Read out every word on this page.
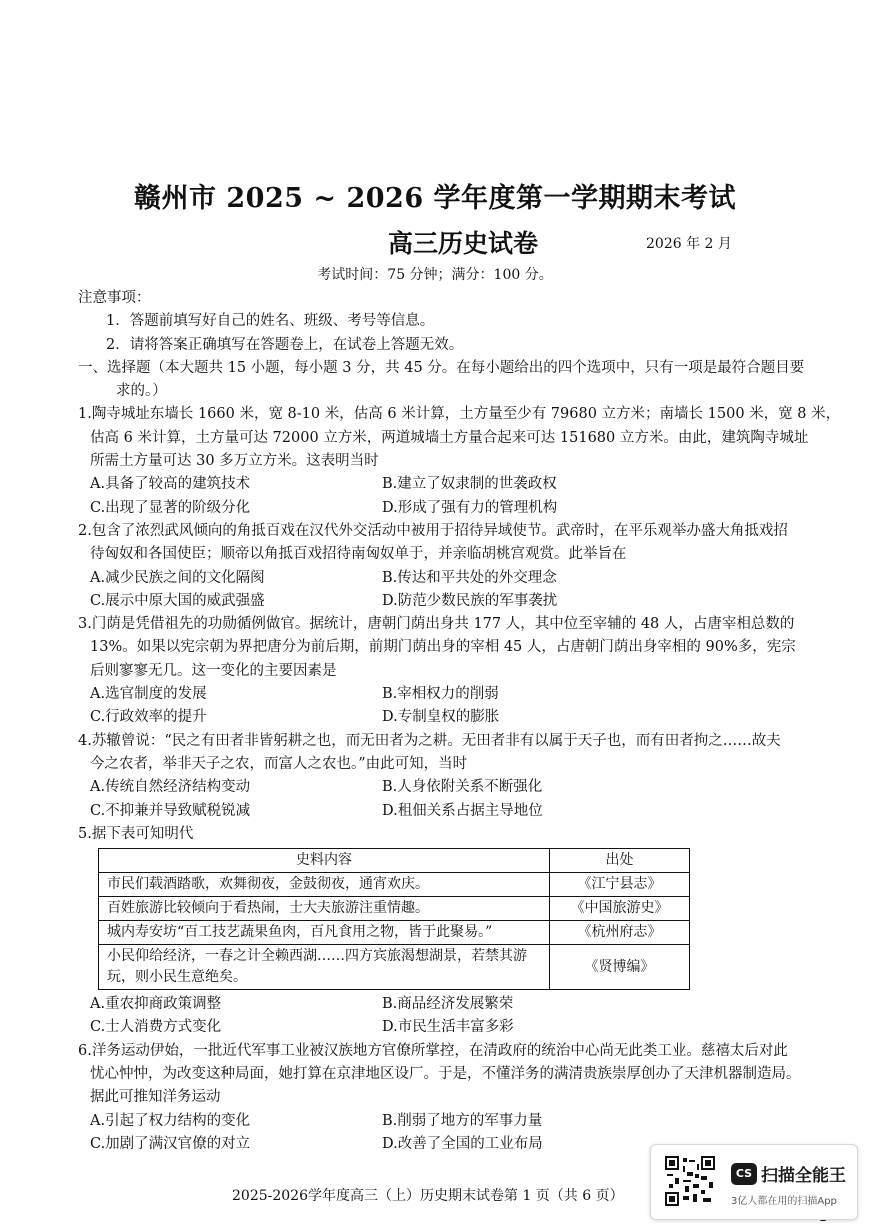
赣州市 2025 ~ 2026 学年度第一学期期末考试
高三历史试卷	2026 年 2 月
考试时间：75 分钟；满分：100 分。
注意事项：
1．答题前填写好自己的姓名、班级、考号等信息。
2．请将答案正确填写在答题卷上，在试卷上答题无效。
一、选择题（本大题共 15 小题，每小题 3 分，共 45 分。在每小题给出的四个选项中，只有一项是最符合题目要
求的。）
1.陶寺城址东墙长 1660 米，宽 8-10 米，估高 6 米计算，土方量至少有 79680 立方米；南墙长 1500 米，宽 8 米，
估高 6 米计算，土方量可达 72000 立方米，两道城墙土方量合起来可达 151680 立方米。由此，建筑陶寺城址
所需土方量可达 30 多万立方米。这表明当时
A.具备了较高的建筑技术	B.建立了奴隶制的世袭政权
C.出现了显著的阶级分化	D.形成了强有力的管理机构
2.包含了浓烈武风倾向的角抵百戏在汉代外交活动中被用于招待异域使节。武帝时，在平乐观举办盛大角抵戏招
待匈奴和各国使臣；顺帝以角抵百戏招待南匈奴单于，并亲临胡桃宫观赏。此举旨在
A.减少民族之间的文化隔阂	B.传达和平共处的外交理念
C.展示中原大国的威武强盛	D.防范少数民族的军事袭扰
3.门荫是凭借祖先的功勋循例做官。据统计，唐朝门荫出身共 177 人，其中位至宰辅的 48 人，占唐宰相总数的
13%。如果以宪宗朝为界把唐分为前后期，前期门荫出身的宰相 45 人，占唐朝门荫出身宰相的 90%多，宪宗
后则寥寥无几。这一变化的主要因素是
A.选官制度的发展	B.宰相权力的削弱
C.行政效率的提升	D.专制皇权的膨胀
4.苏辙曾说：“民之有田者非皆躬耕之也，而无田者为之耕。无田者非有以属于天子也，而有田者拘之……故夫
今之农者，举非天子之农，而富人之农也。”由此可知，当时
A.传统自然经济结构变动	B.人身依附关系不断强化
C.不抑兼并导致赋税锐减	D.租佃关系占据主导地位
5.据下表可知明代
史料内容	出处
市民们载酒踏歌，欢舞彻夜，金鼓彻夜，通宵欢庆。	《江宁县志》
百姓旅游比较倾向于看热闹，士大夫旅游注重情趣。	《中国旅游史》
城内寿安坊“百工技艺蔬果鱼肉，百凡食用之物，皆于此聚易。”	《杭州府志》
小民仰给经济，一春之计全赖西湖……四方宾旅渴想湖景，若禁其游玩，则小民生意绝矣。	《贤博编》
A.重农抑商政策调整	B.商品经济发展繁荣
C.士人消费方式变化	D.市民生活丰富多彩
6.洋务运动伊始，一批近代军事工业被汉族地方官僚所掌控，在清政府的统治中心尚无此类工业。慈禧太后对此
忧心忡忡，为改变这种局面，她打算在京津地区设厂。于是，不懂洋务的满清贵族崇厚创办了天津机器制造局。
据此可推知洋务运动
A.引起了权力结构的变化	B.削弱了地方的军事力量
C.加剧了满汉官僚的对立	D.改善了全国的工业布局
2025-2026学年度高三（上）历史期末试卷第 1 页（共 6 页）
CS 扫描全能王
3亿人都在用的扫描App
